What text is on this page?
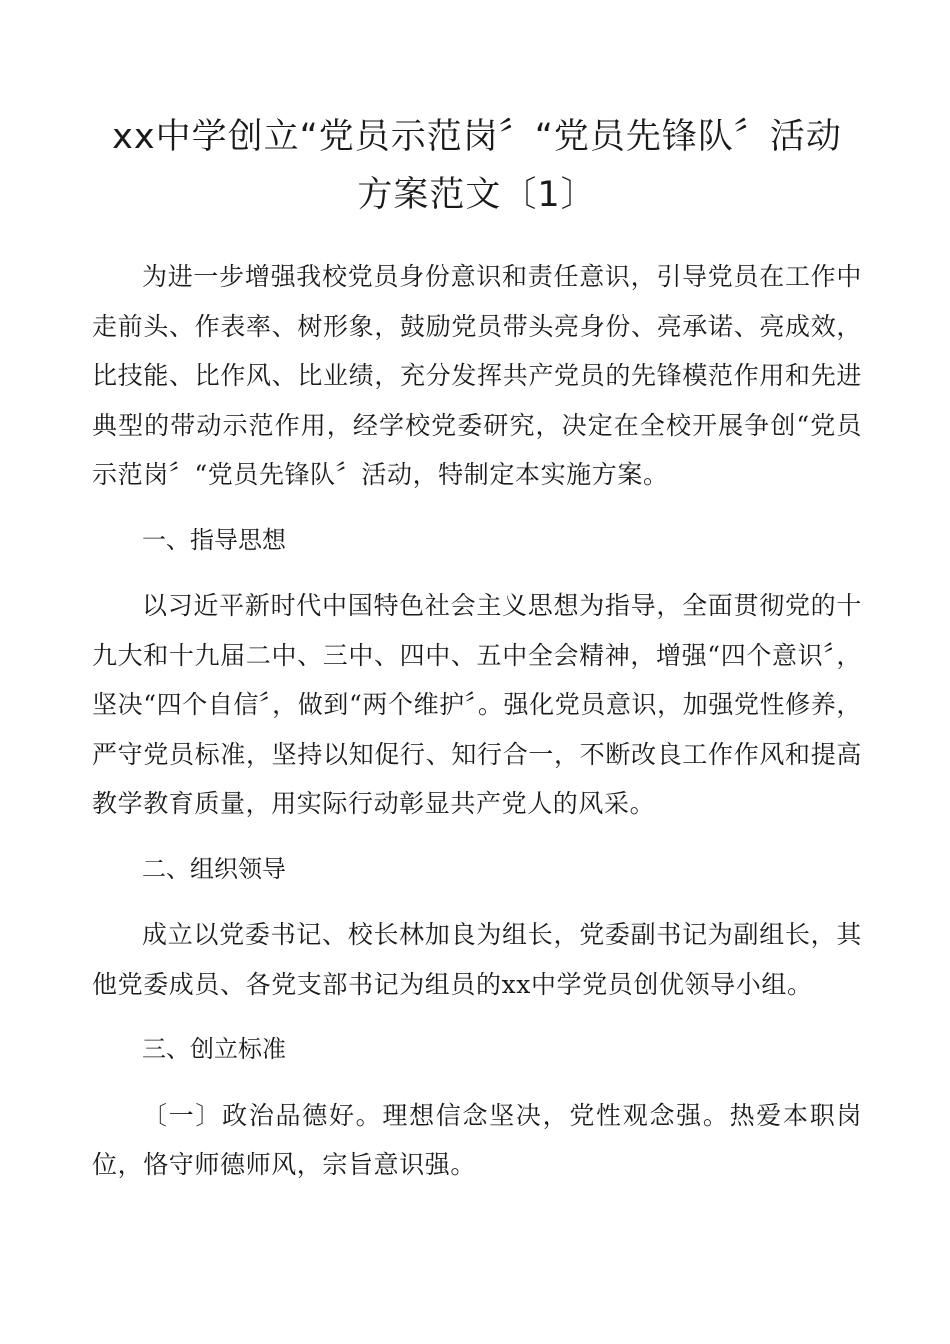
xx中学创立“党员示范岗〞“党员先锋队〞活动
方案范文〔1〕

为进一步增强我校党员身份意识和责任意识，引导党员在工作中走前头、作表率、树形象，鼓励党员带头亮身份、亮承诺、亮成效，比技能、比作风、比业绩，充分发挥共产党员的先锋模范作用和先进典型的带动示范作用，经学校党委研究，决定在全校开展争创“党员示范岗〞“党员先锋队〞活动，特制定本实施方案。

一、指导思想

以习近平新时代中国特色社会主义思想为指导，全面贯彻党的十九大和十九届二中、三中、四中、五中全会精神，增强“四个意识〞，坚决“四个自信〞，做到“两个维护〞。强化党员意识，加强党性修养，严守党员标准，坚持以知促行、知行合一，不断改良工作作风和提高教学教育质量，用实际行动彰显共产党人的风采。

二、组织领导

成立以党委书记、校长林加良为组长，党委副书记为副组长，其他党委成员、各党支部书记为组员的xx中学党员创优领导小组。

三、创立标准

〔一〕政治品德好。理想信念坚决，党性观念强。热爱本职岗位，恪守师德师风，宗旨意识强。
